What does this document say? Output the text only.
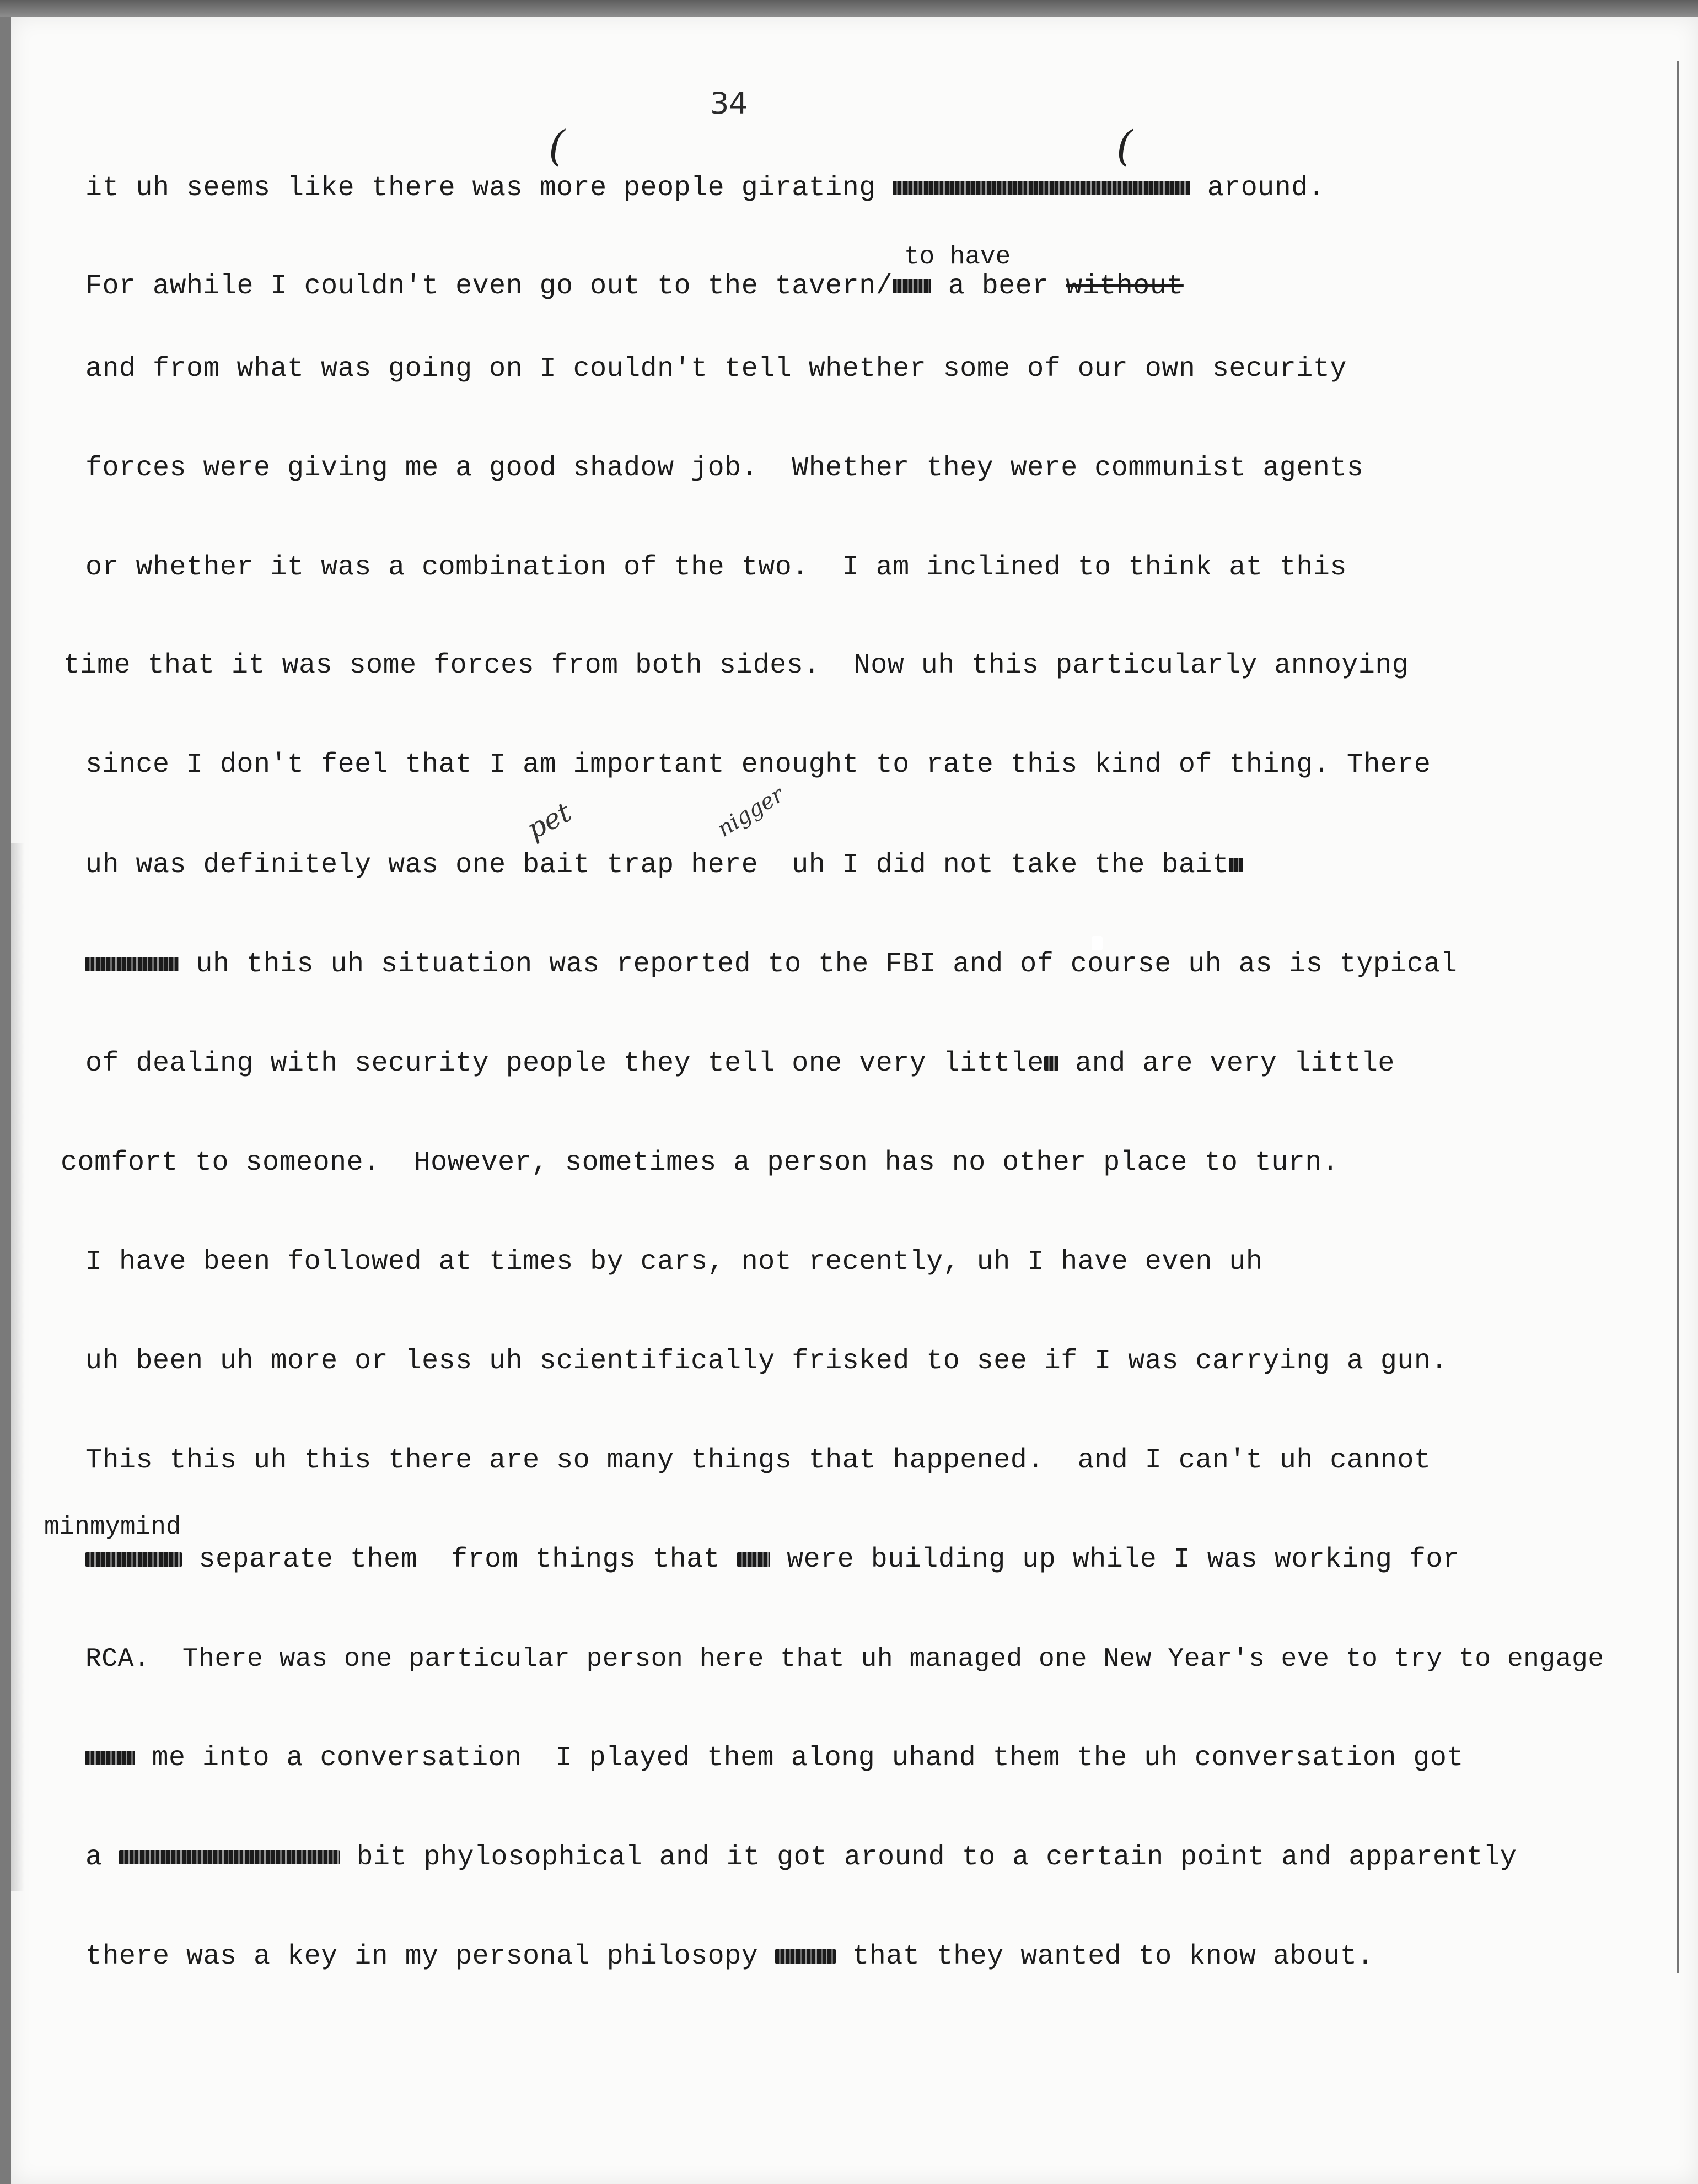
34
(	(
it uh seems like there was more people girating	around.
to have
For awhile I couldn't even go out to the tavern/ a beer without
and from what was going on I couldn't tell whether some of our own security
forces were giving me a good shadow job.  Whether they were communist agents
or whether it was a combination of the two.  I am inclined to think at this
time that it was some forces from both sides.  Now uh this particularly annoying
since I don't feel that I am important enought to rate this kind of thing. There
pet	nigger
uh was definitely was one bait trap here  uh I did not take the bait
uh this uh situation was reported to the FBI and of course uh as is typical
of dealing with security people they tell one very little and are very little
comfort to someone.  However, sometimes a person has no other place to turn.
I have been followed at times by cars, not recently, uh I have even uh
uh been uh more or less uh scientifically frisked to see if I was carrying a gun.
This this uh this there are so many things that happened.  and I can't uh cannot
minmymind
separate them  from things that  were building up while I was working for
RCA.  There was one particular person here that uh managed one New Year's eve to try to engage
me into a conversation  I played them along uhand them the uh conversation got
a	bit phylosophical and it got around to a certain point and apparently
there was a key in my personal philosopy  that they wanted to know about.
